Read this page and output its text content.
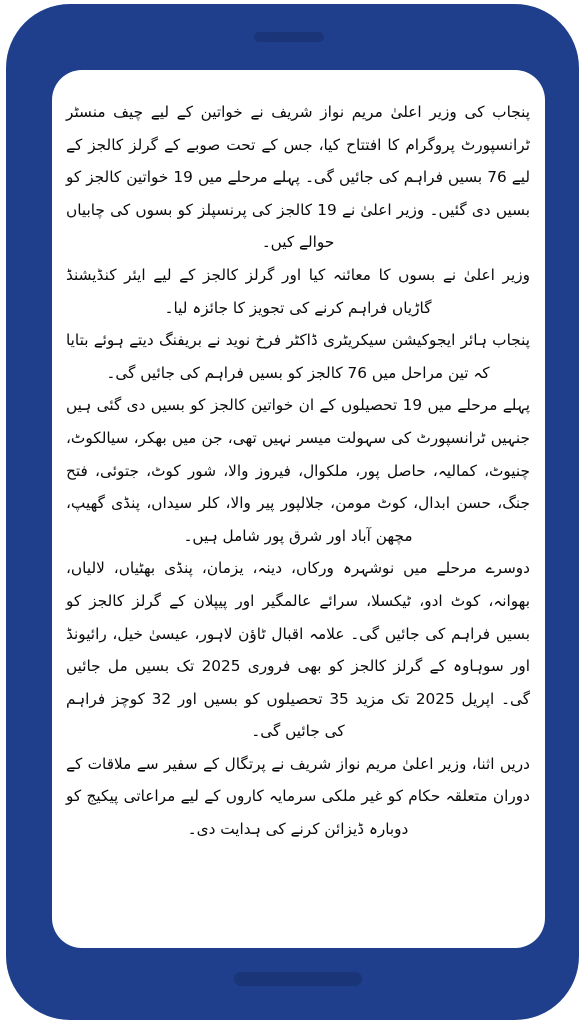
پنجاب کی وزیر اعلیٰ مریم نواز شریف نے خواتین کے لیے چیف منسٹر ٹرانسپورٹ پروگرام کا افتتاح کیا، جس کے تحت صوبے کے گرلز کالجز کے لیے 76 بسیں فراہم کی جائیں گی۔ پہلے مرحلے میں 19 خواتین کالجز کو بسیں دی گئیں۔ وزیر اعلیٰ نے 19 کالجز کی پرنسپلز کو بسوں کی چابیاں حوالے کیں۔

وزیر اعلیٰ نے بسوں کا معائنہ کیا اور گرلز کالجز کے لیے ایئر کنڈیشنڈ گاڑیاں فراہم کرنے کی تجویز کا جائزہ لیا۔

پنجاب ہائر ایجوکیشن سیکریٹری ڈاکٹر فرخ نوید نے بریفنگ دیتے ہوئے بتایا کہ تین مراحل میں 76 کالجز کو بسیں فراہم کی جائیں گی۔

پہلے مرحلے میں 19 تحصیلوں کے ان خواتین کالجز کو بسیں دی گئی ہیں جنہیں ٹرانسپورٹ کی سہولت میسر نہیں تھی، جن میں بھکر، سیالکوٹ، چنیوٹ، کمالیہ، حاصل پور، ملکوال، فیروز والا، شور کوٹ، جتوئی، فتح جنگ، حسن ابدال، کوٹ مومن، جلالپور پیر والا، کلر سیداں، پنڈی گھیپ، مچھن آباد اور شرق پور شامل ہیں۔

دوسرے مرحلے میں نوشہرہ ورکاں، دینہ، یزمان، پنڈی بھٹیاں، لالیاں، بھوانہ، کوٹ ادو، ٹیکسلا، سرائے عالمگیر اور پیپلان کے گرلز کالجز کو بسیں فراہم کی جائیں گی۔ علامہ اقبال ٹاؤن لاہور، عیسیٰ خیل، رائیونڈ اور سوہاوہ کے گرلز کالجز کو بھی فروری 2025 تک بسیں مل جائیں گی۔ اپریل 2025 تک مزید 35 تحصیلوں کو بسیں اور 32 کوچز فراہم کی جائیں گی۔

دریں اثنا، وزیر اعلیٰ مریم نواز شریف نے پرتگال کے سفیر سے ملاقات کے دوران متعلقہ حکام کو غیر ملکی سرمایہ کاروں کے لیے مراعاتی پیکیج کو دوبارہ ڈیزائن کرنے کی ہدایت دی۔
